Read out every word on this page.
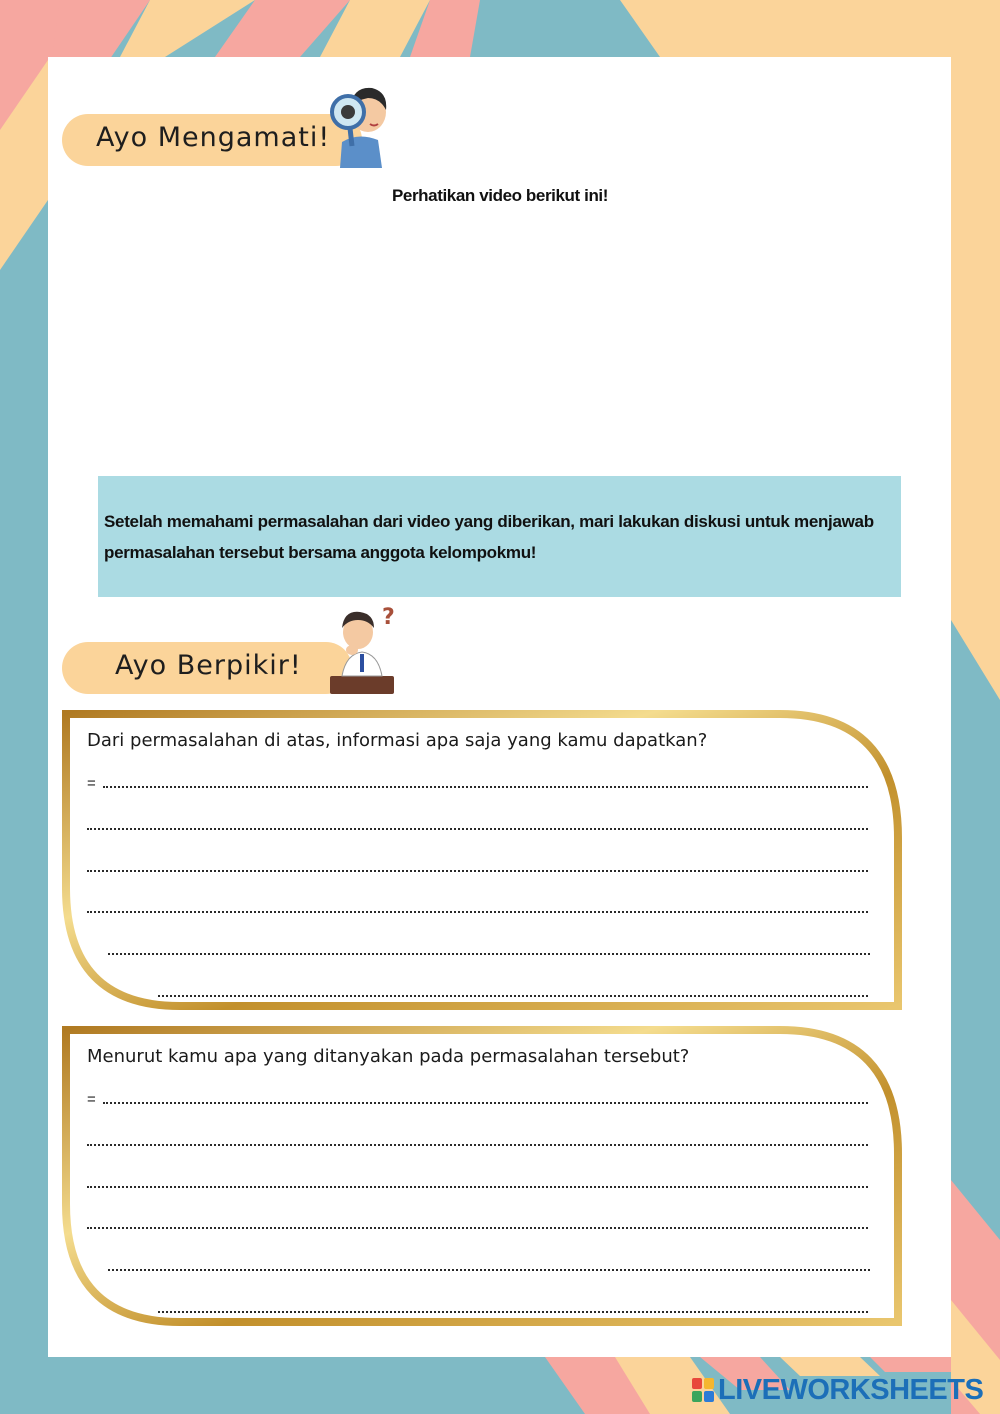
Ayo Mengamati!
Perhatikan video berikut ini!
Setelah memahami permasalahan dari video yang diberikan, mari lakukan diskusi untuk menjawab permasalahan tersebut bersama anggota kelompokmu!
Ayo Berpikir!
?
Dari permasalahan di atas, informasi apa saja yang kamu dapatkan?
=
Menurut kamu apa yang ditanyakan pada permasalahan tersebut?
=
LIVEWORKSHEETS
